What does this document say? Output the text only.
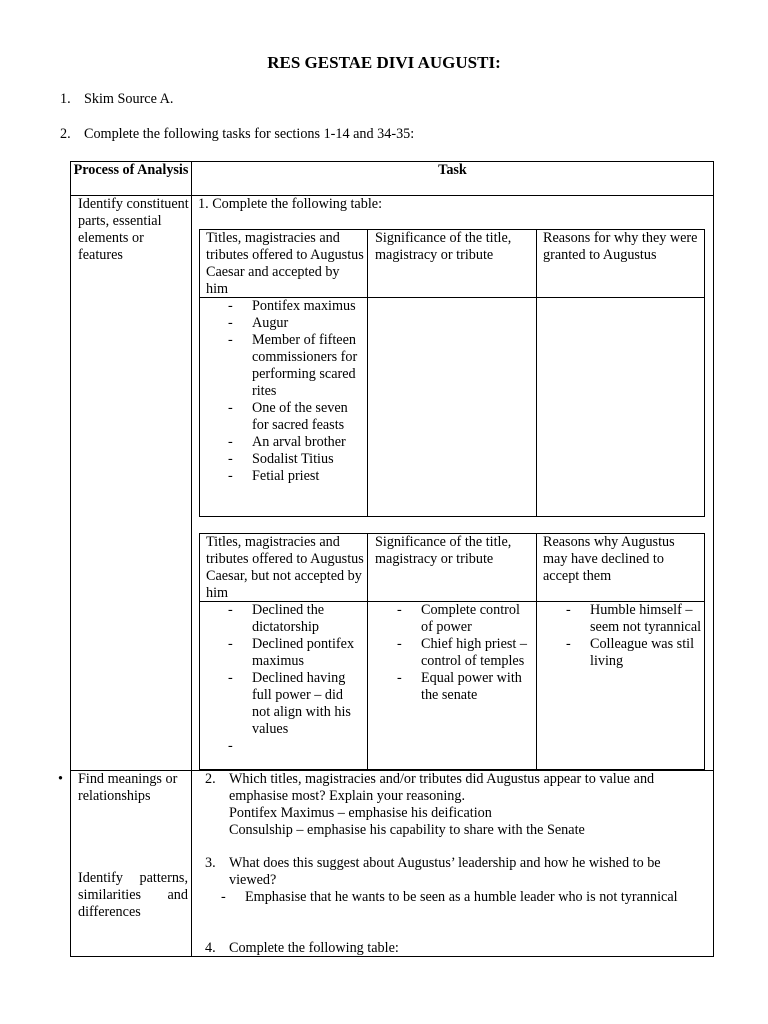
RES GESTAE DIVI AUGUSTI:
1. Skim Source A.
2. Complete the following tasks for sections 1-14 and 34-35:
Process of Analysis	Task
Identify constituent parts, essential elements or features
1. Complete the following table:
Titles, magistracies and tributes offered to Augustus Caesar and accepted by him
Significance of the title, magistracy or tribute
Reasons for why they were granted to Augustus
- Pontifex maximus
- Augur
- Member of fifteen commissioners for performing scared rites
- One of the seven for sacred feasts
- An arval brother
- Sodalist Titius
- Fetial priest
Titles, magistracies and tributes offered to Augustus Caesar, but not accepted by him
Significance of the title, magistracy or tribute
Reasons why Augustus may have declined to accept them
- Declined the dictatorship
- Declined pontifex maximus
- Declined having full power – did not align with his values
- Complete control of power
- Chief high priest – control of temples
- Equal power with the senate
- Humble himself – seem not tyrannical
- Colleague was stil living
• Find meanings or relationships
Identify patterns, similarities and differences
2. Which titles, magistracies and/or tributes did Augustus appear to value and emphasise most? Explain your reasoning.
Pontifex Maximus – emphasise his deification
Consulship – emphasise his capability to share with the Senate
3. What does this suggest about Augustus’ leadership and how he wished to be viewed?
- Emphasise that he wants to be seen as a humble leader who is not tyrannical
4. Complete the following table:
